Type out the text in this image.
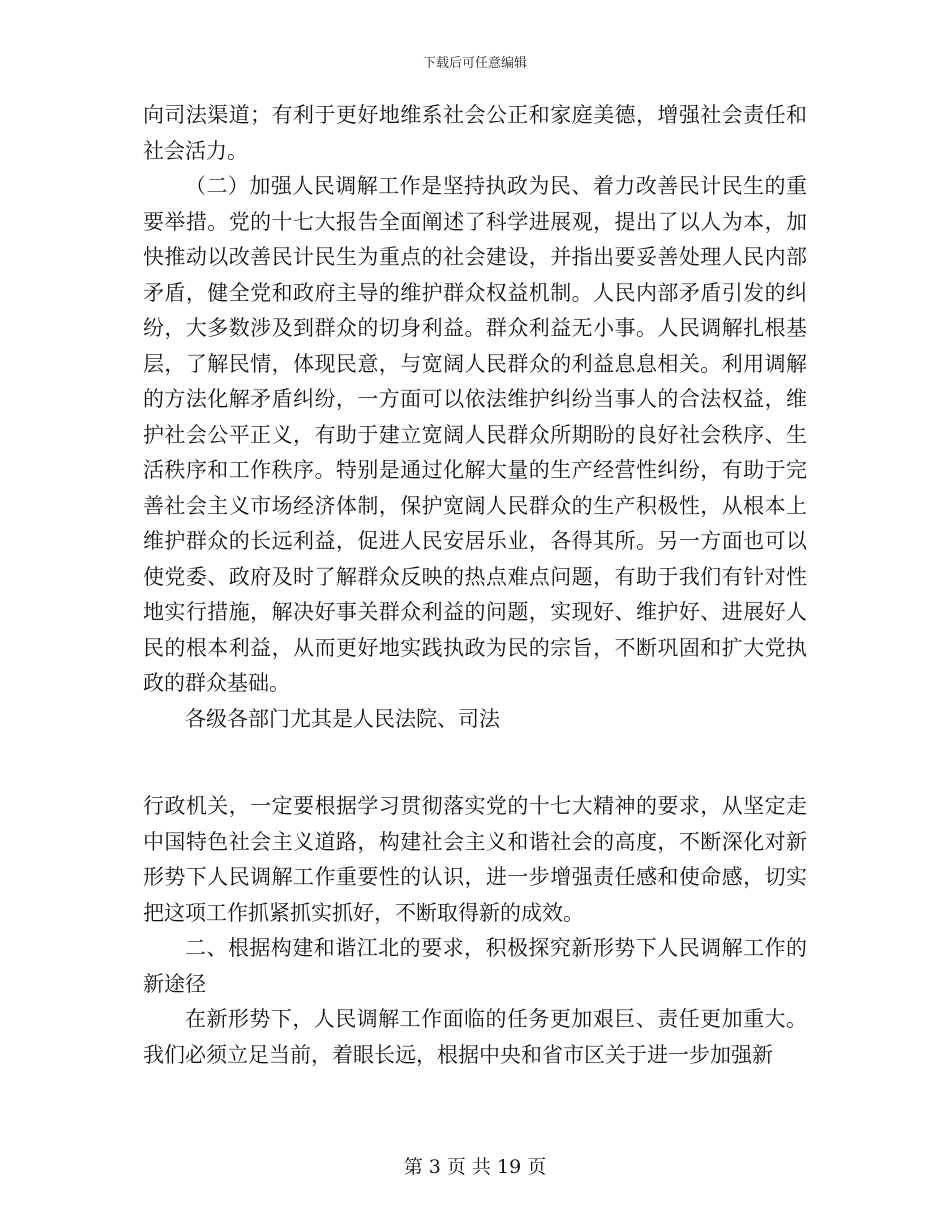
下载后可任意编辑

向司法渠道；有利于更好地维系社会公正和家庭美德，增强社会责任和社会活力。

（二）加强人民调解工作是坚持执政为民、着力改善民计民生的重要举措。党的十七大报告全面阐述了科学进展观，提出了以人为本，加快推动以改善民计民生为重点的社会建设，并指出要妥善处理人民内部矛盾，健全党和政府主导的维护群众权益机制。人民内部矛盾引发的纠纷，大多数涉及到群众的切身利益。群众利益无小事。人民调解扎根基层，了解民情，体现民意，与宽阔人民群众的利益息息相关。利用调解的方法化解矛盾纠纷，一方面可以依法维护纠纷当事人的合法权益，维护社会公平正义，有助于建立宽阔人民群众所期盼的良好社会秩序、生活秩序和工作秩序。特别是通过化解大量的生产经营性纠纷，有助于完善社会主义市场经济体制，保护宽阔人民群众的生产积极性，从根本上维护群众的长远利益，促进人民安居乐业，各得其所。另一方面也可以使党委、政府及时了解群众反映的热点难点问题，有助于我们有针对性地实行措施，解决好事关群众利益的问题，实现好、维护好、进展好人民的根本利益，从而更好地实践执政为民的宗旨，不断巩固和扩大党执政的群众基础。

各级各部门尤其是人民法院、司法

行政机关，一定要根据学习贯彻落实党的十七大精神的要求，从坚定走中国特色社会主义道路，构建社会主义和谐社会的高度，不断深化对新形势下人民调解工作重要性的认识，进一步增强责任感和使命感，切实把这项工作抓紧抓实抓好，不断取得新的成效。

二、根据构建和谐江北的要求，积极探究新形势下人民调解工作的新途径

在新形势下，人民调解工作面临的任务更加艰巨、责任更加重大。我们必须立足当前，着眼长远，根据中央和省市区关于进一步加强新

第 3 页 共 19 页
